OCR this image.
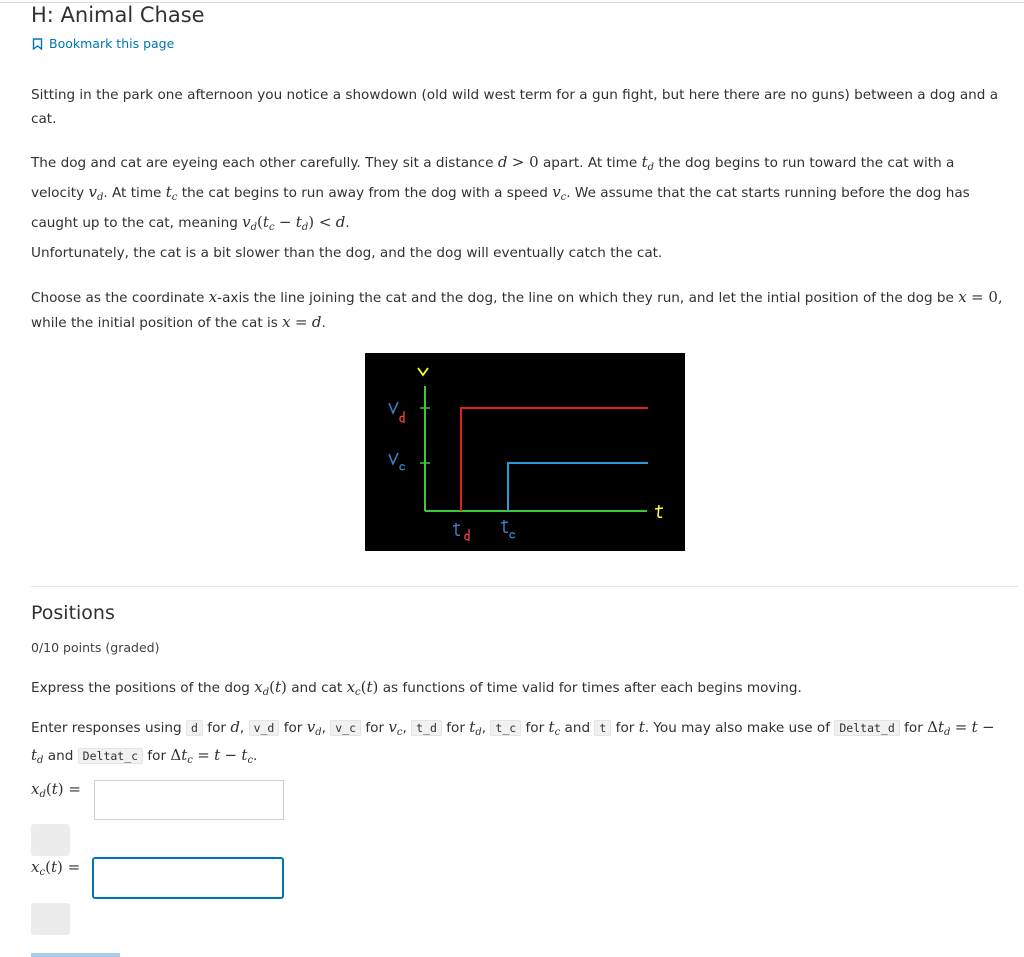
H: Animal Chase
Bookmark this page

Sitting in the park one afternoon you notice a showdown (old wild west term for a gun fight, but here there are no guns) between a dog and a cat.

The dog and cat are eyeing each other carefully. They sit a distance d > 0 apart. At time $t_d$ the dog begins to run toward the cat with a velocity $v_d$. At time $t_c$ the cat begins to run away from the dog with a speed $v_c$. We assume that the cat starts running before the dog has caught up to the cat, meaning $v_d(t_c - t_d) < d$.

Unfortunately, the cat is a bit slower than the dog, and the dog will eventually catch the cat.

Choose as the coordinate x-axis the line joining the cat and the dog, the line on which they run, and let the intial position of the dog be x = 0, while the initial position of the cat is x = d.

Positions
0/10 points (graded)

Express the positions of the dog $x_d(t)$ and cat $x_c(t)$ as functions of time valid for times after each begins moving.

Enter responses using d for d, v_d for $v_d$, v_c for $v_c$, t_d for $t_d$, t_c for $t_c$ and t for t. You may also make use of Deltat_d for $\Delta t_d = t - t_d$ and Deltat_c for $\Delta t_c = t - t_c$.

$x_d(t)$ =
$x_c(t)$ =
